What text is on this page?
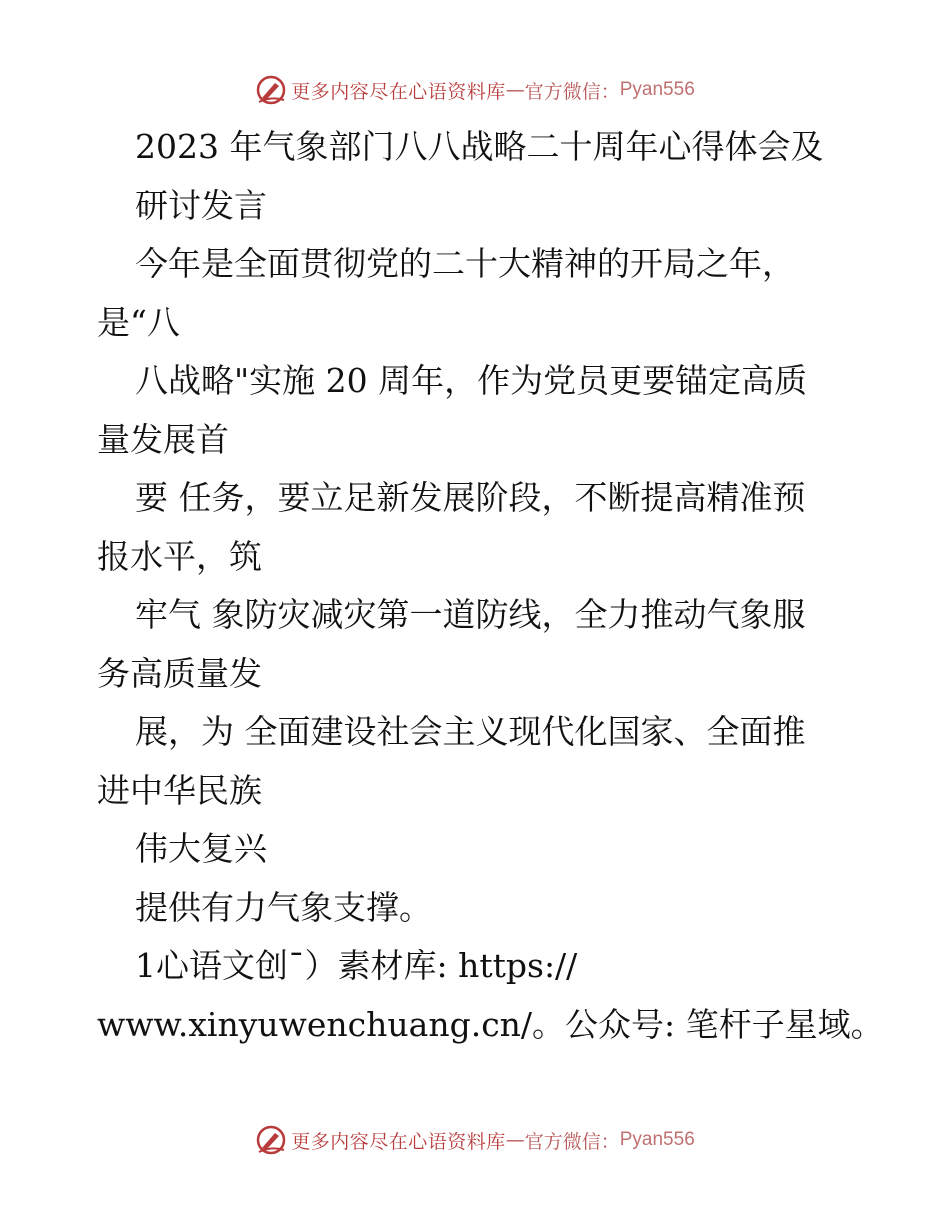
更多内容尽在心语资料库 — 官方微信： Pyan556
2023 年气象部门八八战略二十周年心得体会及
研讨发言
今年是全面贯彻党的二十大精神的开局之年，
是“八
八战略"实施 20 周年，作为党员更要锚定高质
量发展首
要 任务，要立足新发展阶段，不断提高精准预
报水平，筑
牢气 象防灾减灾第一道防线，全力推动气象服
务高质量发
展，为 全面建设社会主义现代化国家、全面推
进中华民族
伟大复兴
提供有力气象支撑。
1心语文创¯）素材库: https://
www.xinyuwenchuang.cn/。公众号: 笔杆子星域。
更多内容尽在心语资料库 — 官方微信： Pyan556
